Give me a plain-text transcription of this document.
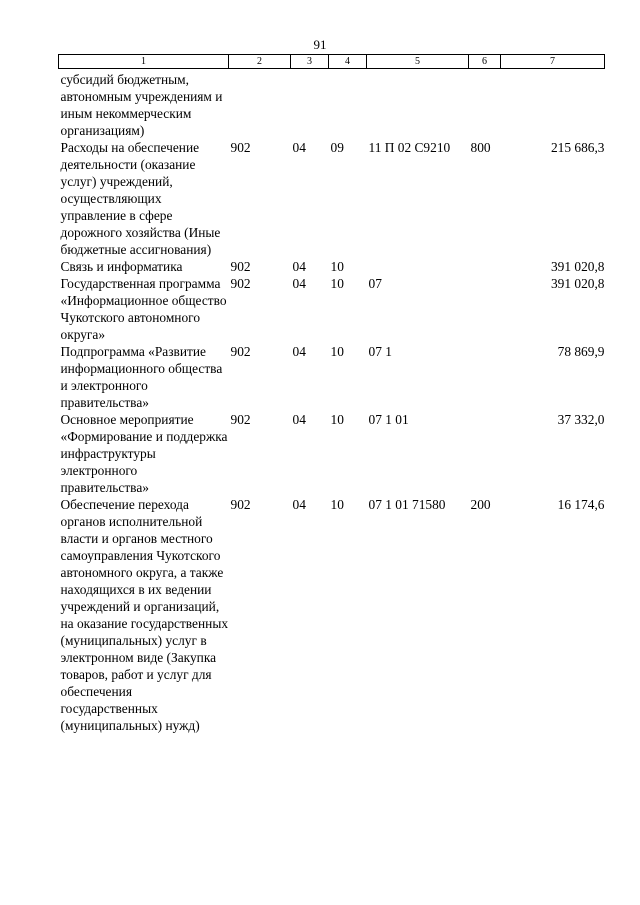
91
1	2	3	4	5	6	7
субсидий бюджетным, автономным учреждениям и иным некоммерческим организациям)						
Расходы на обеспечение деятельности (оказание услуг) учреждений, осуществляющих управление в сфере дорожного хозяйства (Иные бюджетные ассигнования)	902	04	09	11 П 02 С9210	800	215 686,3
Связь и информатика	902	04	10			391 020,8
Государственная программа «Информационное общество Чукотского автономного округа»	902	04	10	07		391 020,8
Подпрограмма «Развитие информационного общества и электронного правительства»	902	04	10	07 1		78 869,9
Основное мероприятие «Формирование и поддержка инфраструктуры электронного правительства»	902	04	10	07 1 01		37 332,0
Обеспечение перехода органов исполнительной власти и органов местного самоуправления Чукотского автономного округа, а также находящихся в их ведении учреждений и организаций, на оказание государственных (муниципальных) услуг в электронном виде (Закупка товаров, работ и услуг для обеспечения государственных (муниципальных) нужд)	902	04	10	07 1 01 71580	200	16 174,6
